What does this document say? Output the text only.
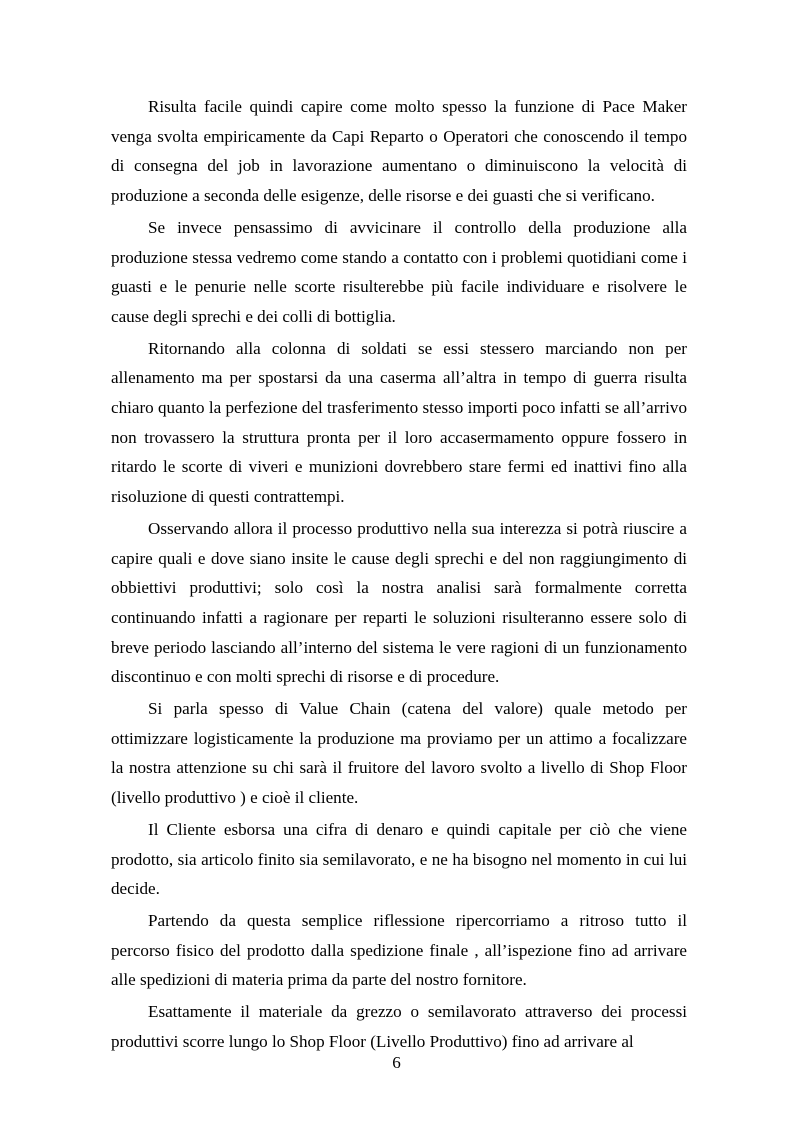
Risulta facile quindi capire come molto spesso la funzione di Pace Maker venga svolta empiricamente da Capi Reparto o Operatori che conoscendo il tempo di consegna del job in lavorazione aumentano o diminuiscono la velocità di produzione a seconda delle esigenze, delle risorse e dei guasti che si verificano.

Se invece pensassimo di avvicinare il controllo della produzione alla produzione stessa vedremo come stando a contatto con i problemi quotidiani come i guasti e le penurie nelle scorte risulterebbe più facile individuare e risolvere le cause degli sprechi e dei colli di bottiglia.

Ritornando alla colonna di soldati se essi stessero marciando non per allenamento ma per spostarsi da una caserma all’altra in tempo di guerra risulta chiaro quanto la perfezione del trasferimento stesso importi poco infatti se all’arrivo non trovassero la struttura pronta per il loro accasermamento oppure fossero in ritardo le scorte di viveri e munizioni dovrebbero stare fermi ed inattivi fino alla risoluzione di questi contrattempi.

Osservando allora il processo produttivo nella sua interezza si potrà riuscire a capire quali e dove siano insite le cause degli sprechi e del non raggiungimento di obbiettivi produttivi; solo così la nostra analisi sarà formalmente corretta continuando infatti a ragionare per reparti le soluzioni risulteranno essere solo di breve periodo lasciando all’interno del sistema le vere ragioni di un funzionamento discontinuo e con molti sprechi di risorse e di procedure.

Si parla spesso di Value Chain (catena del valore) quale metodo per ottimizzare logisticamente la produzione ma proviamo per un attimo a focalizzare la nostra attenzione su chi sarà il fruitore del lavoro svolto a livello di Shop Floor (livello produttivo ) e cioè il cliente.

Il Cliente esborsa una cifra di denaro e quindi capitale per ciò che viene prodotto, sia articolo finito sia semilavorato, e ne ha bisogno nel momento in cui lui decide.

Partendo da questa semplice riflessione ripercorriamo a ritroso tutto il percorso fisico del prodotto dalla spedizione finale , all’ispezione fino ad arrivare alle spedizioni di materia prima da parte del nostro fornitore.

Esattamente il materiale da grezzo o semilavorato attraverso dei processi produttivi scorre lungo lo Shop Floor (Livello Produttivo) fino ad arrivare al

6
